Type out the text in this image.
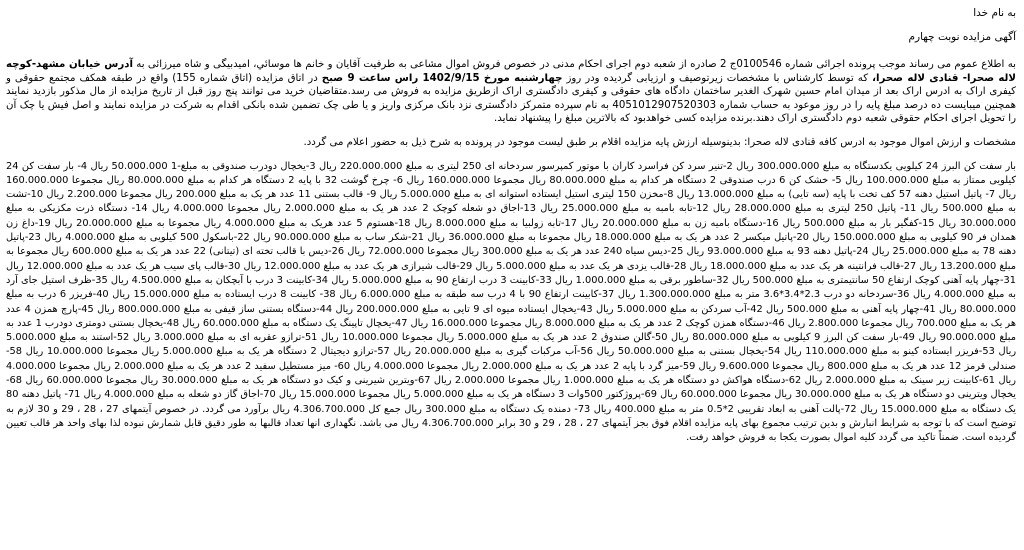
به نام خدا
آگهی مزایده نوبت چهارم
به اطلاع عموم می رساند موجب پرونده اجرائی شماره 0100546ج 2 صادره از شعبه دوم اجرای احکام مدنی در خصوص فروش اموال مشاعی به طرفیت آقایان و خانم ها موسائي، امیدبیگی و شاه میرزائی به آدرس خیابان مشهد-کوچه لاله صحرا- قنادی لاله صحرا، که توسط کارشناس با مشخصات زیرتوصیف و ارزیابی گردیده ودر روز چهارشنبه مورخ 1402/9/15 راس ساعت 9 صبح در اتاق مزایده (اتاق شماره 155) واقع در طبقه همکف مجتمع حقوقی و کیفری اراک به ادرس اراک بعد از میدان امام حسین شهرک الغدیر ساختمان دادگاه های حقوقی و کیفری دادگستری اراک ازطریق مزایده به فروش می رسد.متقاضیان خرید می توانند پنج روز قبل از تاریخ مزایده از مال مذکور بازدید نمایند همچنین میبایست ده درصد مبلغ پایه را در روز موعود به حساب شماره 4051012907520303 به نام سپرده متمرکز دادگستری نزد بانک مرکزی واریز و یا طی چک تضمین شده بانکی اقدام به شرکت در مزایده نمایند و اصل فیش یا چک آن را تحویل اجرای احکام حقوقی شعبه دوم دادگستری اراک دهند.برنده مزایده کسی خواهدبود که بالاترین مبلغ را پیشنهاد نماید.
مشخصات و ارزش اموال موجود به ادرس کافه قنادی لاله صحرا: بدینوسیله ارزش پایه مزایده اقلام بر طبق لیست موجود در پرونده به شرح ذیل به حضور اعلام می گردد.
بار سفت کن البرز 24 کیلویی یکدستگاه به مبلغ 300.000.000 ریال 2-تنیر سرد کن فراسرد کاران با موتور کمپرسور سردخانه ای 250 لیتری به مبلغ 220.000.000 ریال 3-یخچال دودرب صندوقی به مبلغ-1 50.000.000 ریال 4- بار سفت کن 24 کیلویی ممتاز به مبلغ 100.000.000 ریال 5- خشک کن 6 درب صندوقی 2 دستگاه هر کدام به مبلغ 80.000.000 ریال مجموعا 160.000.000 ریال 6- چرخ گوشت 32 با پایه 2 دستگاه هر کدام به مبلغ 80.000.000 ریال مجموعا 160.000.000 ریال 7- پاتیل استیل دهنه 57 کف تخت با پایه (سه تایی) به مبلغ 13.000.000 ریال 8-مخزن 150 لیتری استیل ایستاده استوانه ای به مبلغ 5.000.000 ریال 9- قالب بستنی 11 عدد هر یک به مبلغ 200.000 ریال مجموعا 2.200.000 ریال 10-تشت به مبلغ 500.000 ریال 11- پاتیل 250 لیتری به مبلغ 28.000.000 ریال 12-تابه بامبه به مبلغ 25.000.000 ریال 13-اجاق دو شعله کوچک 2 عدد هر یک به مبلغ 2.000.000 ریال مجموعا 4.000.000 ریال 14- دستگاه ذرت مکزیکی به مبلغ 30.000.000 ریال 15-کفگیر بار به مبلغ 500.000 ریال 16-دستگاه بامیه زن به مبلغ 20.000.000 ریال 17-تابه زولبیا به مبلغ 8.000.000 ریال 18-هستوم 5 عدد هریک به مبلغ 4.000.000 ریال مجموعا به مبلغ 20.000.000 ریال 19-داغ زن همدان فر 90 کیلویی به مبلغ 150.000.000 ریال 20-پاتیل میکسر 2 عدد هر یک به مبلغ 18.000.000 ریال مجموعا به مبلغ 36.000.000 ریال 21-شکر ساب به مبلغ 90.000.000 ریال 22-باسکول 500 کیلویی به مبلغ 4.000.000 ریال 23-پاتیل دهنه 78 به مبلغ 25.000.000 ریال 24-پاتیل دهنه 93 به مبلغ 93.000.000 ریال 25-دیس سیاه 240 عدد هر یک به مبلغ 300.000 ریال مجموعا 72.000.000 ریال 26-دیس با قالب تخته ای (تیتانی) 22 عدد هر یک به مبلغ 600.000 ریال مجموعا به مبلغ 13.200.000 ریال 27-قالب فرانتینه هر یک عدد به مبلغ 18.000.000 ریال 28-قالب یزدی هر یک عدد به مبلغ 5.000.000 ریال 29-قالب شیرازی هر یک عدد به مبلغ 12.000.000 ریال 30-قالب پای سیب هر یک عدد به مبلغ 12.000.000 ریال 31-چهار پایه آهنی کوچک ارتفاع 50 سانتیمتری به مبلغ 500.000 ریال 32-ساطور برقی به مبلغ 1.000.000 ریال 33-کابینت 3 درب ارتفاع 90 به مبلغ 5.000.000 ریال 34-کابینت 3 درب با آبچکان به مبلغ 4.500.000 ریال 35-ظرف استیل جای آرد به مبلغ 4.000.000 ریال 36-سردخانه دو درب 2.3*3.4*3.6 متر به مبلغ 1.300.000.000 ریال 37-کابینت ارتفاع 90 با 4 درب سه طبقه به مبلغ 6.000.000 ریال 38- کابینت 8 درب ایستاده به مبلغ 15.000.000 ریال 40-فریزر 6 درب به مبلغ 80.000.000 ریال 41-چهار پایه آهنی به مبلغ 500.000 ریال 42-آب سردکن به مبلغ 5.000.000 ریال 43-یخچال ایستاده میوه ای 9 تایی به مبلغ 200.000.000 ریال 44-دستگاه بستنی ساز قیفی به مبلغ 800.000.000 ریال 45-پارچ همزن 4 عدد هر یک به مبلغ 700.000 ریال مجموعا 2.800.000 ریال 46-دستگاه همزن کوچک 2 عدد هر یک به مبلغ 8.000.000 ریال مجموعا 16.000.000 ریال 47-یخچال تاپینگ یک دستگاه به مبلغ 60.000.000 ریال 48-یخچال بستنی دومتری دودرب 1 عدد به مبلغ 90.000.000 ریال 49-بار سفت کن البرز 9 کیلویی به مبلغ 80.000.000 ریال 50-گالن صندوق 2 عدد هر یک به مبلغ 5.000.000 ریال مجموعا 10.000.000 ریال 51-ترازو عقربه ای به مبلغ 3.000.000 ریال 52-استند به مبلغ 5.000.000 ریال 53-فریزر ایستاده کینو به مبلغ 110.000.000 ریال 54-یخچال بستنی به مبلغ 50.000.000 ریال 56-آب مرکبات گیری به مبلغ 20.000.000 ریال 57-ترازو دیجیتال 2 دستگاه هر یک به مبلغ 5.000.000 ریال مجموعا 10.000.000 ریال 58-صندلی قرمز 12 عدد هر یک به مبلغ 800.000 ریال مجموعا 9.600.000 ریال 59-میز گرد با پایه 2 عدد هر یک به مبلغ 2.000.000 ریال مجموعا 4.000.000 ریال 60- میز مستطیل سفید 2 عدد هر یک به مبلغ 2.000.000 ریال مجموعا 4.000.000 ریال 61-کابینت زیر سینک به مبلغ 2.000.000 ریال 62-دستگاه هواکش دو دستگاه هر یک به مبلغ 1.000.000 ریال مجموعا 2.000.000 ریال 67-ویترین شیرینی و کیک دو دستگاه هر یک به مبلغ 30.000.000 ریال مجموعا 60.000.000 ریال 68-یخچال ویترینی دو دستگاه هر یک به مبلغ 30.000.000 ریال مجموعا 60.000.000 ریال 69-پروژکتور 500وات 3 دستگاه هر یک به مبلغ 5.000.000 ریال مجموعا 15.000.000 ریال 70-اجاق گاز دو شعله به مبلغ 4.000.000 ریال 71- پاتیل دهنه 80 یک دستگاه به مبلغ 15.000.000 ریال 72-پالت آهنی به ابعاد تقریبی 2*0.5 متر به مبلغ 400.000 ریال 73- دمنده یک دستگاه به مبلغ 300.000 ریال جمع کل 4.306.700.000 ریال برآورد می گردد. در خصوص آیتمهای 27 ، 28 ، 29 و 30 لازم به توضیح است که با توجه به شرایط انبارش و بدین ترتیب مجموع بهای پایه مزایده اقلام فوق بجز آیتمهای 27 ، 28 ، 29 و 30 برابر 4.306.700.000 ریال می باشد. نگهداری انها تعداد قالبها به طور دقیق قابل شمارش نبوده لذا بهای واحد هر قالب تعیین گردیده است. ضمناً تاکید می گردد کلیه اموال بصورت یکجا به فروش خواهد رفت.
